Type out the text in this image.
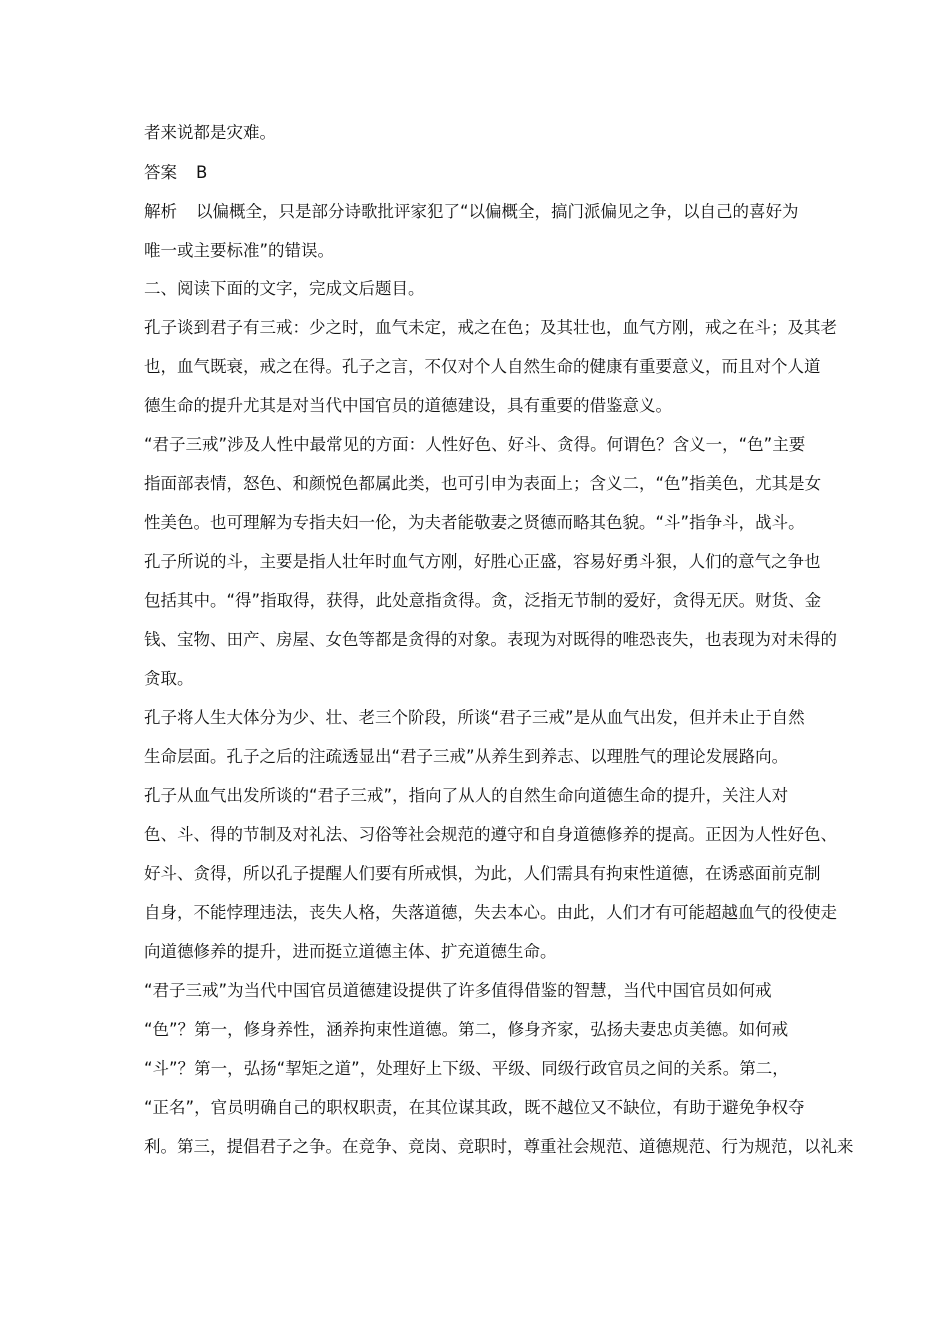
者来说都是灾难。
答案 B
解析 以偏概全，只是部分诗歌批评家犯了“以偏概全，搞门派偏见之争，以自己的喜好为
唯一或主要标准”的错误。
二、阅读下面的文字，完成文后题目。
孔子谈到君子有三戒：少之时，血气未定，戒之在色；及其壮也，血气方刚，戒之在斗；及其老
也，血气既衰，戒之在得。孔子之言，不仅对个人自然生命的健康有重要意义，而且对个人道
德生命的提升尤其是对当代中国官员的道德建设，具有重要的借鉴意义。
“君子三戒”涉及人性中最常见的方面：人性好色、好斗、贪得。何谓色？含义一，“色”主要
指面部表情，怒色、和颜悦色都属此类，也可引申为表面上；含义二，“色”指美色，尤其是女
性美色。也可理解为专指夫妇一伦，为夫者能敬妻之贤德而略其色貌。“斗”指争斗，战斗。
孔子所说的斗，主要是指人壮年时血气方刚，好胜心正盛，容易好勇斗狠，人们的意气之争也
包括其中。“得”指取得，获得，此处意指贪得。贪，泛指无节制的爱好，贪得无厌。财货、金
钱、宝物、田产、房屋、女色等都是贪得的对象。表现为对既得的唯恐丧失，也表现为对未得的
贪取。
孔子将人生大体分为少、壮、老三个阶段，所谈“君子三戒”是从血气出发，但并未止于自然
生命层面。孔子之后的注疏透显出“君子三戒”从养生到养志、以理胜气的理论发展路向。
孔子从血气出发所谈的“君子三戒”，指向了从人的自然生命向道德生命的提升，关注人对
色、斗、得的节制及对礼法、习俗等社会规范的遵守和自身道德修养的提高。正因为人性好色、
好斗、贪得，所以孔子提醒人们要有所戒惧，为此，人们需具有拘束性道德，在诱惑面前克制
自身，不能悖理违法，丧失人格，失落道德，失去本心。由此，人们才有可能超越血气的役使走
向道德修养的提升，进而挺立道德主体、扩充道德生命。
“君子三戒”为当代中国官员道德建设提供了许多值得借鉴的智慧，当代中国官员如何戒
“色”？第一，修身养性，涵养拘束性道德。第二，修身齐家，弘扬夫妻忠贞美德。如何戒
“斗”？第一，弘扬“挈矩之道”，处理好上下级、平级、同级行政官员之间的关系。第二，
“正名”，官员明确自己的职权职责，在其位谋其政，既不越位又不缺位，有助于避免争权夺
利。第三，提倡君子之争。在竞争、竞岗、竞职时，尊重社会规范、道德规范、行为规范，以礼来
